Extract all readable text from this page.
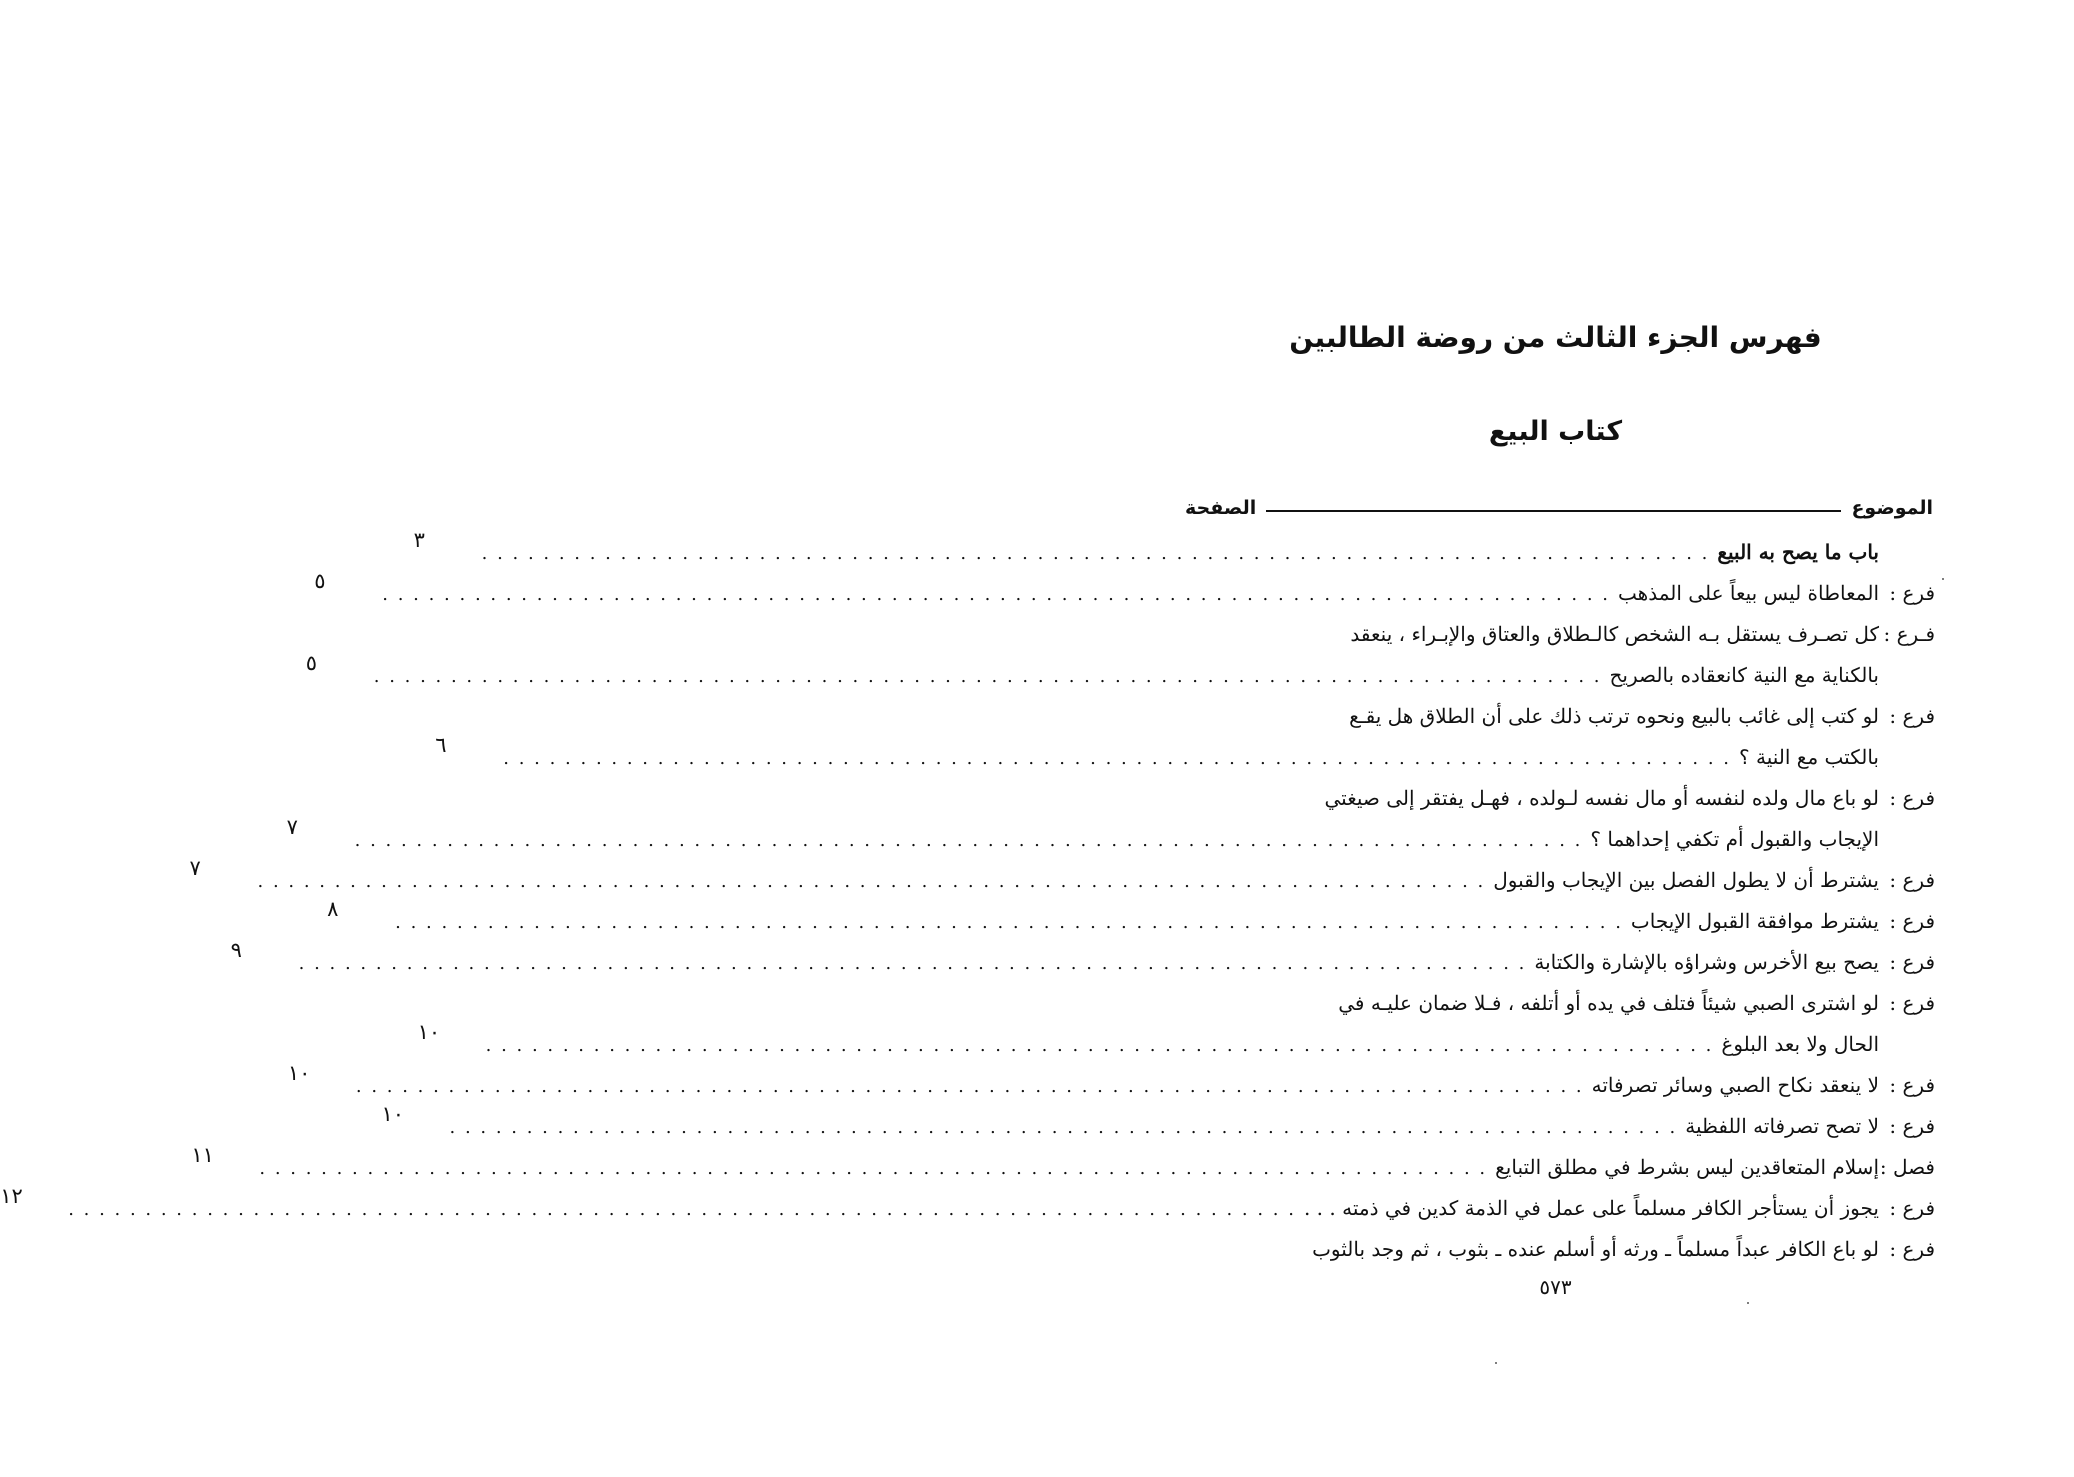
فهرس الجزء الثالث من روضة الطالبين
كتاب البيع
الموضوع
الصفحة
باب ما يصح به البيع
. . . . . . . . . . . . . . . . . . . . . . . . . . . . . . . . . . . . . . . . . . . . . . . . . . . . . . . . . . . . . . . . . . . . . . . . . . . . . . . .
٣
فرع :
المعاطاة ليس بيعاً على المذهب
. . . . . . . . . . . . . . . . . . . . . . . . . . . . . . . . . . . . . . . . . . . . . . . . . . . . . . . . . . . . . . . . . . . . . . . . . . . . . . . .
٥
فـرع :
كل تصـرف يستقل بـه الشخص كالـطلاق والعتاق والإبـراء ، ينعقد
بالكناية مع النية كانعقاده بالصريح
. . . . . . . . . . . . . . . . . . . . . . . . . . . . . . . . . . . . . . . . . . . . . . . . . . . . . . . . . . . . . . . . . . . . . . . . . . . . . . . .
٥
فرع :
لو كتب إلى غائب بالبيع ونحوه ترتب ذلك على أن الطلاق هل يقـع
بالكتب مع النية ؟
. . . . . . . . . . . . . . . . . . . . . . . . . . . . . . . . . . . . . . . . . . . . . . . . . . . . . . . . . . . . . . . . . . . . . . . . . . . . . . . .
٦
فرع :
لو باع مال ولده لنفسه أو مال نفسه لـولده ، فهـل يفتقر إلى صيغتي
الإيجاب والقبول أم تكفي إحداهما ؟
. . . . . . . . . . . . . . . . . . . . . . . . . . . . . . . . . . . . . . . . . . . . . . . . . . . . . . . . . . . . . . . . . . . . . . . . . . . . . . . .
٧
فرع :
يشترط أن لا يطول الفصل بين الإيجاب والقبول
. . . . . . . . . . . . . . . . . . . . . . . . . . . . . . . . . . . . . . . . . . . . . . . . . . . . . . . . . . . . . . . . . . . . . . . . . . . . . . . .
٧
فرع :
يشترط موافقة القبول الإيجاب
. . . . . . . . . . . . . . . . . . . . . . . . . . . . . . . . . . . . . . . . . . . . . . . . . . . . . . . . . . . . . . . . . . . . . . . . . . . . . . . .
٨
فرع :
يصح بيع الأخرس وشراؤه بالإشارة والكتابة
. . . . . . . . . . . . . . . . . . . . . . . . . . . . . . . . . . . . . . . . . . . . . . . . . . . . . . . . . . . . . . . . . . . . . . . . . . . . . . . .
٩
فرع :
لو اشترى الصبي شيئاً فتلف في يده أو أتلفه ، فـلا ضمان عليـه في
الحال ولا بعد البلوغ
. . . . . . . . . . . . . . . . . . . . . . . . . . . . . . . . . . . . . . . . . . . . . . . . . . . . . . . . . . . . . . . . . . . . . . . . . . . . . . . .
١٠
فرع :
لا ينعقد نكاح الصبي وسائر تصرفاته
. . . . . . . . . . . . . . . . . . . . . . . . . . . . . . . . . . . . . . . . . . . . . . . . . . . . . . . . . . . . . . . . . . . . . . . . . . . . . . . .
١٠
فرع :
لا تصح تصرفاته اللفظية
. . . . . . . . . . . . . . . . . . . . . . . . . . . . . . . . . . . . . . . . . . . . . . . . . . . . . . . . . . . . . . . . . . . . . . . . . . . . . . . .
١٠
فصل :
إسلام المتعاقدين ليس بشرط في مطلق التبايع
. . . . . . . . . . . . . . . . . . . . . . . . . . . . . . . . . . . . . . . . . . . . . . . . . . . . . . . . . . . . . . . . . . . . . . . . . . . . . . . .
١١
فرع :
يجوز أن يستأجر الكافر مسلماً على عمل في الذمة كدين في ذمته . . .
. . . . . . . . . . . . . . . . . . . . . . . . . . . . . . . . . . . . . . . . . . . . . . . . . . . . . . . . . . . . . . . . . . . . . . . . . . . . . . . .
١٢
فرع :
لو باع الكافر عبداً مسلماً ـ ورثه أو أسلم عنده ـ بثوب ، ثم وجد بالثوب
٥٧٣
